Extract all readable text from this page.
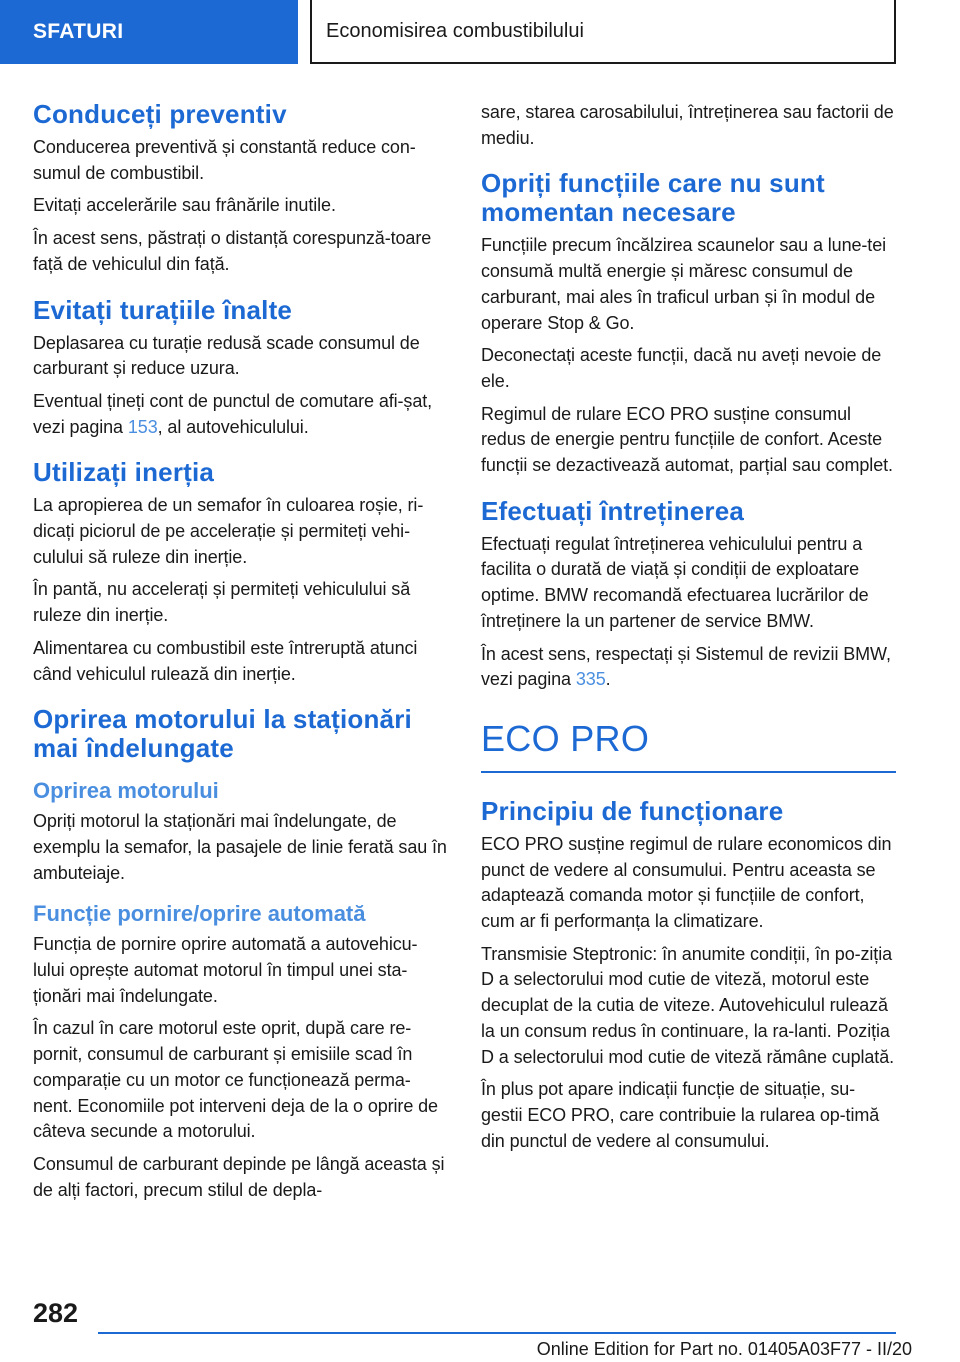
SFATURI	Economisirea combustibilului
Conduceți preventiv

Conducerea preventivă și constantă reduce con-sumul de combustibil.

Evitați accelerările sau frânările inutile.

În acest sens, păstrați o distanță corespunză-toare față de vehiculul din față.

Evitați turațiile înalte

Deplasarea cu turație redusă scade consumul de carburant și reduce uzura.

Eventual țineți cont de punctul de comutare afi-șat, vezi pagina 153, al autovehiculului.

Utilizați inerția

La apropierea de un semafor în culoarea roșie, ri-dicați piciorul de pe accelerație și permiteți vehi-culului să ruleze din inerție.

În pantă, nu accelerați și permiteți vehiculului să ruleze din inerție.

Alimentarea cu combustibil este întreruptă atunci când vehiculul rulează din inerție.

Oprirea motorului la staționări mai îndelungate
Oprirea motorului

Opriți motorul la staționări mai îndelungate, de exemplu la semafor, la pasajele de linie ferată sau în ambuteiaje.

Funcție pornire/oprire automată

Funcția de pornire oprire automată a autovehicu-lului oprește automat motorul în timpul unei sta-ționări mai îndelungate.

În cazul în care motorul este oprit, după care re-pornit, consumul de carburant și emisiile scad în comparație cu un motor ce funcționează perma-nent. Economiile pot interveni deja de la o oprire de câteva secunde a motorului.

Consumul de carburant depinde pe lângă aceasta și de alți factori, precum stilul de depla-

sare, starea carosabilului, întreținerea sau factorii de mediu.

Opriți funcțiile care nu sunt momentan necesare

Funcțiile precum încălzirea scaunelor sau a lune-tei consumă multă energie și măresc consumul de carburant, mai ales în traficul urban și în modul de operare Stop & Go.

Deconectați aceste funcții, dacă nu aveți nevoie de ele.

Regimul de rulare ECO PRO susține consumul redus de energie pentru funcțiile de confort. Aceste funcții se dezactivează automat, parțial sau complet.

Efectuați întreținerea

Efectuați regulat întreținerea vehiculului pentru a facilita o durată de viață și condiții de exploatare optime. BMW recomandă efectuarea lucrărilor de întreținere la un partener de service BMW.

În acest sens, respectați și Sistemul de revizii BMW, vezi pagina 335.

ECO PRO
Principiu de funcționare

ECO PRO susține regimul de rulare economicos din punct de vedere al consumului. Pentru aceasta se adaptează comanda motor și funcțiile de confort, cum ar fi performanța la climatizare.

Transmisie Steptronic: în anumite condiții, în po-ziția D a selectorului mod cutie de viteză, motorul este decuplat de la cutia de viteze. Autovehiculul rulează la un consum redus în continuare, la ra-lanti. Poziția D a selectorului mod cutie de viteză rămâne cuplată.

În plus pot apare indicații funcție de situație, su-gestii ECO PRO, care contribuie la rularea op-timă din punctul de vedere al consumului.

282
Online Edition for Part no. 01405A03F77 - II/20
